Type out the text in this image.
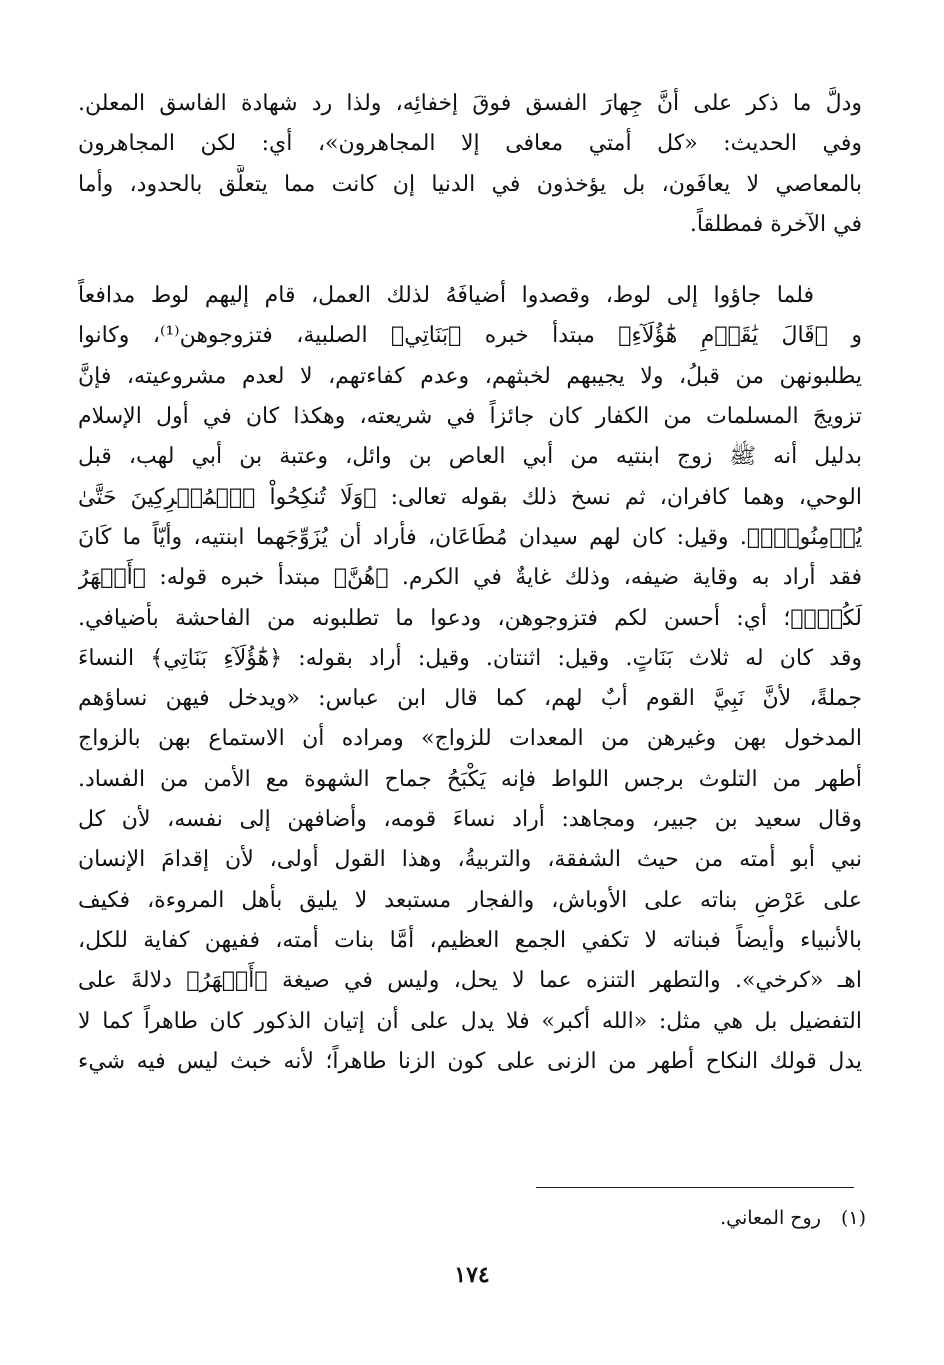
ودلَّ ما ذكر على أنَّ جِهارَ الفسق فوقَ إخفائِه، ولذا رد شهادة الفاسق المعلن.
وفي الحديث: «كل أمتي معافى إلا المجاهرون»، أي: لكن المجاهرون
بالمعاصي لا يعافَون، بل يؤخذون في الدنيا إن كانت مما يتعلَّق بالحدود، وأما
في الآخرة فمطلقاً.
فلما جاؤوا إلى لوط، وقصدوا أضيافَهُ لذلك العمل، قام إليهم لوط مدافعاً
و ﴿قَالَ يَٰقَوۡمِ هَٰٓؤُلَآءِ﴾ مبتدأ خبره ﴿بَنَاتِي﴾ الصلبية، فتزوجوهن⁽¹⁾، وكانوا
يطلبونهن من قبلُ، ولا يجيبهم لخبثهم، وعدم كفاءتهم، لا لعدم مشروعيته، فإنَّ
تزويجَ المسلمات من الكفار كان جائزاً في شريعته، وهكذا كان في أول الإسلام
بدليل أنه ﷺ زوج ابنتيه من أبي العاص بن وائل، وعتبة بن أبي لهب، قبل
الوحي، وهما كافران، ثم نسخ ذلك بقوله تعالى: ﴿وَلَا تُنكِحُواْ ٱلۡمُشۡرِكِينَ حَتَّىٰ
يُؤۡمِنُواْۚ﴾. وقيل: كان لهم سيدان مُطَاعَان، فأراد أن يُزَوِّجَهما ابنتيه، وأيّاً ما كَانَ
فقد أراد به وقاية ضيفه، وذلك غايةٌ في الكرم. ﴿هُنَّ﴾ مبتدأ خبره قوله: ﴿أَطۡهَرُ
لَكُمۡۖ﴾؛ أي: أحسن لكم فتزوجوهن، ودعوا ما تطلبونه من الفاحشة بأضيافي.
وقد كان له ثلاث بَنَاتٍ. وقيل: اثنتان. وقيل: أراد بقوله: ﴿هَٰٓؤُلَآءِ بَنَاتِي﴾ النساءَ
جملةً، لأنَّ نَبِيَّ القوم أبٌ لهم، كما قال ابن عباس: «ويدخل فيهن نساؤهم
المدخول بهن وغيرهن من المعدات للزواج» ومراده أن الاستماع بهن بالزواج
أطهر من التلوث برجس اللواط فإنه يَكْبَحُ جماح الشهوة مع الأمن من الفساد.
وقال سعيد بن جبير، ومجاهد: أراد نساءَ قومه، وأضافهن إلى نفسه، لأن كل
نبي أبو أمته من حيث الشفقة، والتربيةُ، وهذا القول أولى، لأن إقدامَ الإنسان
على عَرْضِ بناته على الأوباش، والفجار مستبعد لا يليق بأهل المروءة، فكيف
بالأنبياء وأيضاً فبناته لا تكفي الجمع العظيم، أمَّا بنات أمته، ففيهن كفاية للكل،
اهـ «كرخي». والتطهر التنزه عما لا يحل، وليس في صيغة ﴿أَطۡهَرُ﴾ دلالةَ على
التفضيل بل هي مثل: «الله أكبر» فلا يدل على أن إتيان الذكور كان طاهراً كما لا
يدل قولك النكاح أطهر من الزنى على كون الزنا طاهراً؛ لأنه خبث ليس فيه شيء
(١) روح المعاني.
١٧٤
